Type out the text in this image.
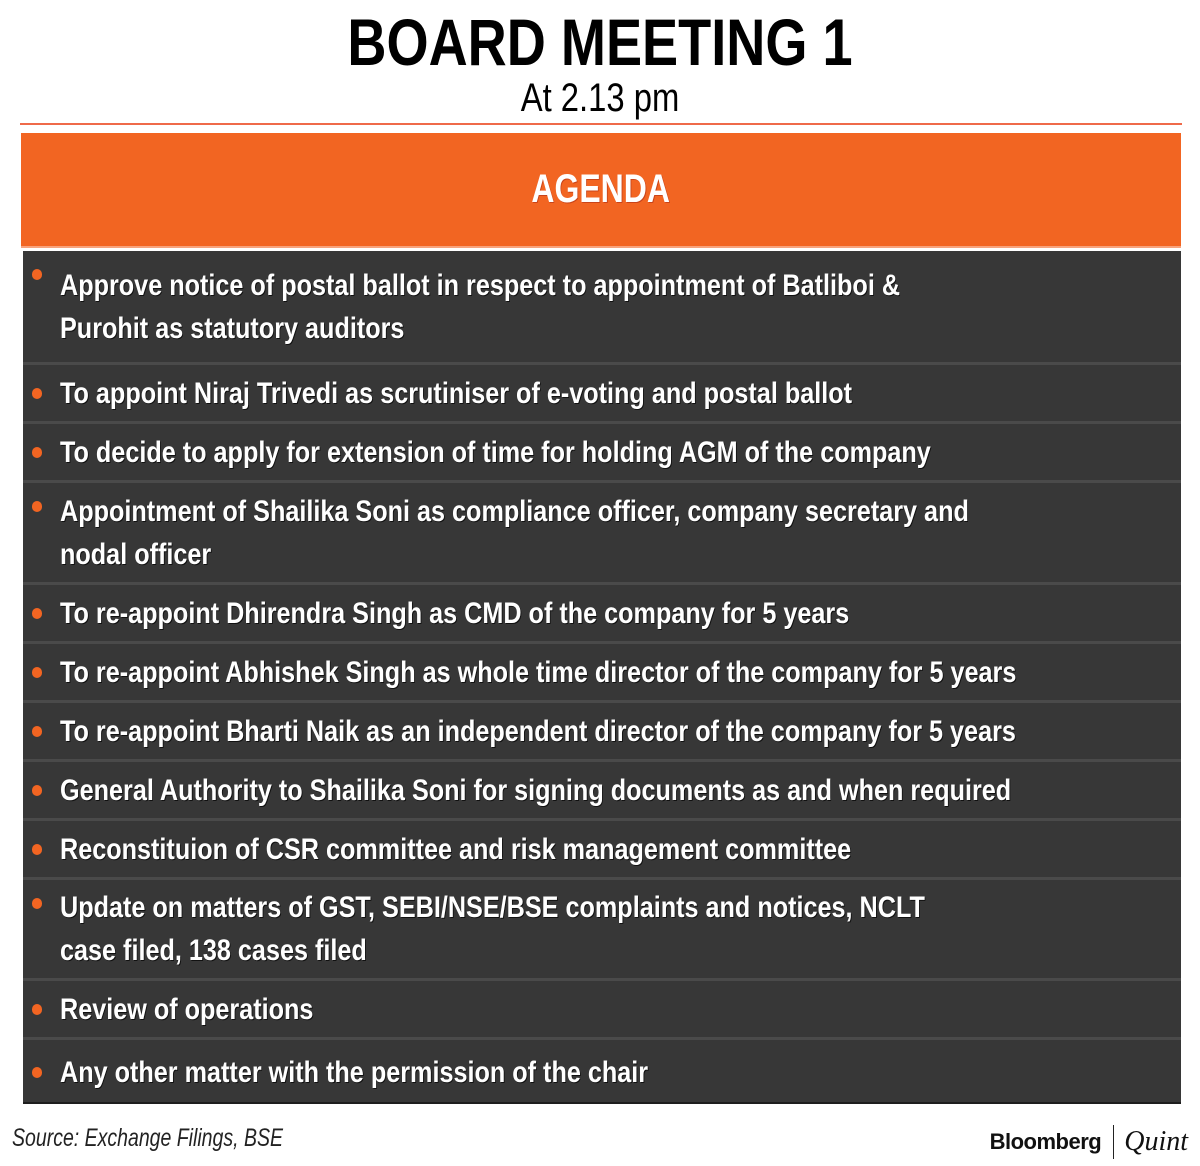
BOARD MEETING 1
At 2.13 pm
AGENDA
Approve notice of postal ballot in respect to appointment of Batliboi & Purohit as statutory auditors
To appoint Niraj Trivedi as scrutiniser of e-voting and postal ballot
To decide to apply for extension of time for holding AGM of the company
Appointment of Shailika Soni as compliance officer, company secretary and nodal officer
To re-appoint Dhirendra Singh as CMD of the company for 5 years
To re-appoint Abhishek Singh as whole time director of the company for 5 years
To re-appoint Bharti Naik as an independent director of the company for 5 years
General Authority to Shailika Soni for signing documents as and when required
Reconstituion of CSR committee and risk management committee
Update on matters of GST, SEBI/NSE/BSE complaints and notices, NCLT case filed, 138 cases filed
Review of operations
Any other matter with the permission of the chair
Source: Exchange Filings, BSE	Bloomberg Quint
